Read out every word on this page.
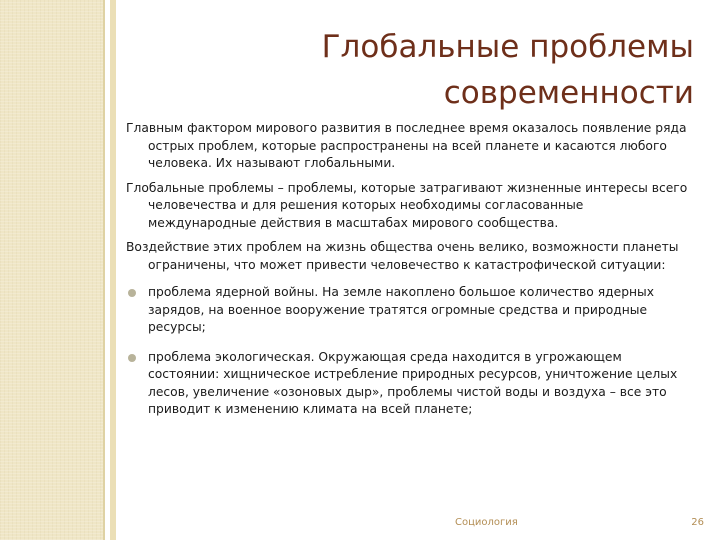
Глобальные проблемы
современности

Главным фактором мирового развития в последнее время оказалось появление ряда острых проблем, которые распространены на всей планете и касаются любого человека. Их называют глобальными.

Глобальные проблемы – проблемы, которые затрагивают жизненные интересы всего человечества и для решения которых необходимы согласованные международные действия в масштабах мирового сообщества.

Воздействие этих проблем на жизнь общества очень велико, возможности планеты ограничены, что может привести человечество к катастрофической ситуации:

проблема ядерной войны. На земле накоплено большое количество ядерных зарядов, на военное вооружение тратятся огромные средства и природные ресурсы;
проблема экологическая. Окружающая среда находится в угрожающем состоянии: хищническое истребление природных ресурсов, уничтожение целых лесов, увеличение «озоновых дыр», проблемы чистой воды и воздуха – все это приводит к изменению климата на всей планете;
Социология	26
